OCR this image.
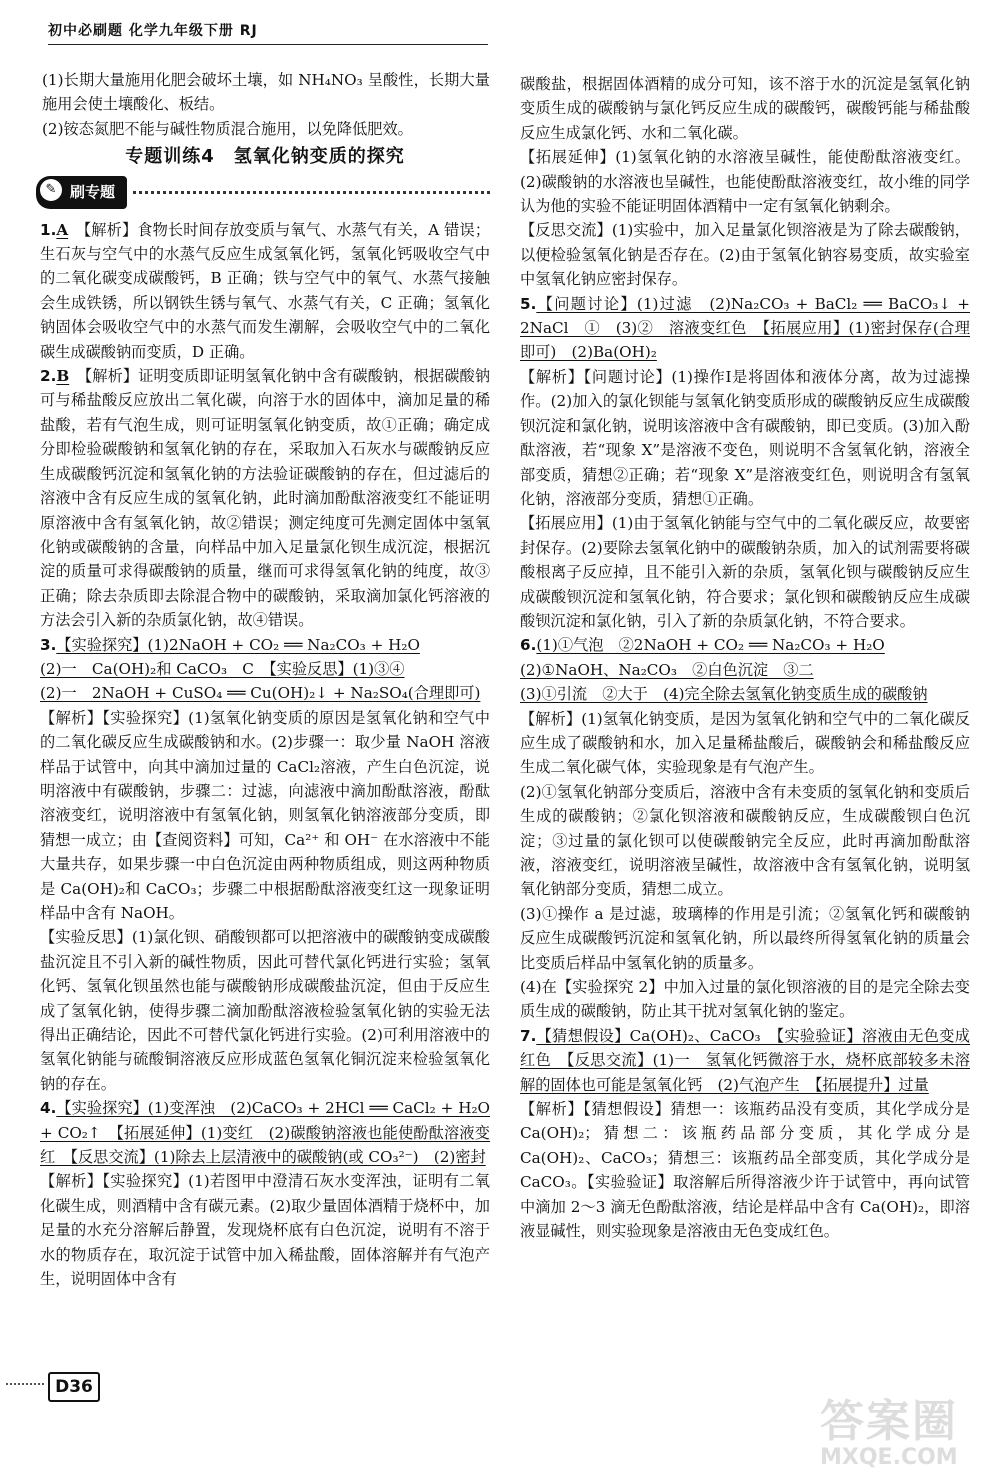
初中必刷题 化学九年级下册 RJ

(1)长期大量施用化肥会破坏土壤，如 NH₄NO₃ 呈酸性，长期大量施用会使土壤酸化、板结。

(2)铵态氮肥不能与碱性物质混合施用，以免降低肥效。

专题训练4　氢氧化钠变质的探究
✎ 刷专题

1.A　 【解析】食物长时间存放变质与氧气、水蒸气有关，A 错误；生石灰与空气中的水蒸气反应生成氢氧化钙，氢氧化钙吸收空气中的二氧化碳变成碳酸钙，B 正确；铁与空气中的氧气、水蒸气接触会生成铁锈，所以钢铁生锈与氧气、水蒸气有关，C 正确；氢氧化钠固体会吸收空气中的水蒸气而发生潮解，会吸收空气中的二氧化碳生成碳酸钠而变质，D 正确。

2.B　 【解析】证明变质即证明氢氧化钠中含有碳酸钠，根据碳酸钠可与稀盐酸反应放出二氧化碳，向溶于水的固体中，滴加足量的稀盐酸，若有气泡生成，则可证明氢氧化钠变质，故①正确；确定成分即检验碳酸钠和氢氧化钠的存在，采取加入石灰水与碳酸钠反应生成碳酸钙沉淀和氢氧化钠的方法验证碳酸钠的存在，但过滤后的溶液中含有反应生成的氢氧化钠，此时滴加酚酞溶液变红不能证明原溶液中含有氢氧化钠，故②错误；测定纯度可先测定固体中氢氧化钠或碳酸钠的含量，向样品中加入足量氯化钡生成沉淀，根据沉淀的质量可求得碳酸钠的质量，继而可求得氢氧化钠的纯度，故③正确；除去杂质即去除混合物中的碳酸钠，采取滴加氯化钙溶液的方法会引入新的杂质氯化钠，故④错误。

3.【实验探究】(1)2NaOH + CO₂ ══ Na₂CO₃ + H₂O

(2)一　Ca(OH)₂和 CaCO₃　C　【实验反思】(1)③④

(2)一　2NaOH + CuSO₄ ══ Cu(OH)₂↓ + Na₂SO₄(合理即可)

【解析】【实验探究】(1)氢氧化钠变质的原因是氢氧化钠和空气中的二氧化碳反应生成碳酸钠和水。(2)步骤一：取少量 NaOH 溶液样品于试管中，向其中滴加过量的 CaCl₂溶液，产生白色沉淀，说明溶液中有碳酸钠，步骤二：过滤，向滤液中滴加酚酞溶液，酚酞溶液变红，说明溶液中有氢氧化钠，则氢氧化钠溶液部分变质，即猜想一成立；由【查阅资料】可知，Ca²⁺ 和 OH⁻ 在水溶液中不能大量共存，如果步骤一中白色沉淀由两种物质组成，则这两种物质是 Ca(OH)₂和 CaCO₃；步骤二中根据酚酞溶液变红这一现象证明样品中含有 NaOH。

【实验反思】(1)氯化钡、硝酸钡都可以把溶液中的碳酸钠变成碳酸盐沉淀且不引入新的碱性物质，因此可替代氯化钙进行实验；氢氧化钙、氢氧化钡虽然也能与碳酸钠形成碳酸盐沉淀，但由于反应生成了氢氧化钠，使得步骤二滴加酚酞溶液检验氢氧化钠的实验无法得出正确结论，因此不可替代氯化钙进行实验。(2)可利用溶液中的氢氧化钠能与硫酸铜溶液反应形成蓝色氢氧化铜沉淀来检验氢氧化钠的存在。

4.【实验探究】(1)变浑浊　(2)CaCO₃ + 2HCl ══ CaCl₂ + H₂O + CO₂↑　【拓展延伸】(1)变红　(2)碳酸钠溶液也能使酚酞溶液变红　【反思交流】(1)除去上层清液中的碳酸钠(或 CO₃²⁻)　(2)密封

【解析】【实验探究】(1)若图甲中澄清石灰水变浑浊，证明有二氧化碳生成，则酒精中含有碳元素。(2)取少量固体酒精于烧杯中，加足量的水充分溶解后静置，发现烧杯底有白色沉淀，说明有不溶于水的物质存在，取沉淀于试管中加入稀盐酸，固体溶解并有气泡产生，说明固体中含有

碳酸盐，根据固体酒精的成分可知，该不溶于水的沉淀是氢氧化钠变质生成的碳酸钠与氯化钙反应生成的碳酸钙，碳酸钙能与稀盐酸反应生成氯化钙、水和二氧化碳。

【拓展延伸】(1)氢氧化钠的水溶液呈碱性，能使酚酞溶液变红。(2)碳酸钠的水溶液也呈碱性，也能使酚酞溶液变红，故小维的同学认为他的实验不能证明固体酒精中一定有氢氧化钠剩余。

【反思交流】(1)实验中，加入足量氯化钡溶液是为了除去碳酸钠，以便检验氢氧化钠是否存在。(2)由于氢氧化钠容易变质，故实验室中氢氧化钠应密封保存。

5.【问题讨论】(1)过滤　(2)Na₂CO₃ + BaCl₂ ══ BaCO₃↓ + 2NaCl　①　(3)②　溶液变红色　【拓展应用】(1)密封保存(合理即可)　(2)Ba(OH)₂

【解析】【问题讨论】(1)操作Ⅰ是将固体和液体分离，故为过滤操作。(2)加入的氯化钡能与氢氧化钠变质形成的碳酸钠反应生成碳酸钡沉淀和氯化钠，说明该溶液中含有碳酸钠，即已变质。(3)加入酚酞溶液，若“现象 X”是溶液不变色，则说明不含氢氧化钠，溶液全部变质，猜想②正确；若“现象 X”是溶液变红色，则说明含有氢氧化钠，溶液部分变质，猜想①正确。

【拓展应用】(1)由于氢氧化钠能与空气中的二氧化碳反应，故要密封保存。(2)要除去氢氧化钠中的碳酸钠杂质，加入的试剂需要将碳酸根离子反应掉，且不能引入新的杂质，氢氧化钡与碳酸钠反应生成碳酸钡沉淀和氢氧化钠，符合要求；氯化钡和碳酸钠反应生成碳酸钡沉淀和氯化钠，引入了新的杂质氯化钠，不符合要求。

6.(1)①气泡　②2NaOH + CO₂ ══ Na₂CO₃ + H₂O

(2)①NaOH、Na₂CO₃　②白色沉淀　③二

(3)①引流　②大于　(4)完全除去氢氧化钠变质生成的碳酸钠

【解析】(1)氢氧化钠变质，是因为氢氧化钠和空气中的二氧化碳反应生成了碳酸钠和水，加入足量稀盐酸后，碳酸钠会和稀盐酸反应生成二氧化碳气体，实验现象是有气泡产生。

(2)①氢氧化钠部分变质后，溶液中含有未变质的氢氧化钠和变质后生成的碳酸钠；②氯化钡溶液和碳酸钠反应，生成碳酸钡白色沉淀；③过量的氯化钡可以使碳酸钠完全反应，此时再滴加酚酞溶液，溶液变红，说明溶液呈碱性，故溶液中含有氢氧化钠，说明氢氧化钠部分变质，猜想二成立。

(3)①操作 a 是过滤，玻璃棒的作用是引流；②氢氧化钙和碳酸钠反应生成碳酸钙沉淀和氢氧化钠，所以最终所得氢氧化钠的质量会比变质后样品中氢氧化钠的质量多。

(4)在【实验探究 2】中加入过量的氯化钡溶液的目的是完全除去变质生成的碳酸钠，防止其干扰对氢氧化钠的鉴定。

7.【猜想假设】Ca(OH)₂、CaCO₃　【实验验证】溶液由无色变成红色　【反思交流】(1)一　氢氧化钙微溶于水，烧杯底部较多未溶解的固体也可能是氢氧化钙　(2)气泡产生　【拓展提升】过量

【解析】【猜想假设】猜想一：该瓶药品没有变质，其化学成分是 Ca(OH)₂；猜想二：该瓶药品部分变质，其化学成分是 Ca(OH)₂、CaCO₃；猜想三：该瓶药品全部变质，其化学成分是 CaCO₃。【实验验证】取溶解后所得溶液少许于试管中，再向试管中滴加 2～3 滴无色酚酞溶液，结论是样品中含有 Ca(OH)₂，即溶液显碱性，则实验现象是溶液由无色变成红色。

D36
答案圈
MXQE.COM
